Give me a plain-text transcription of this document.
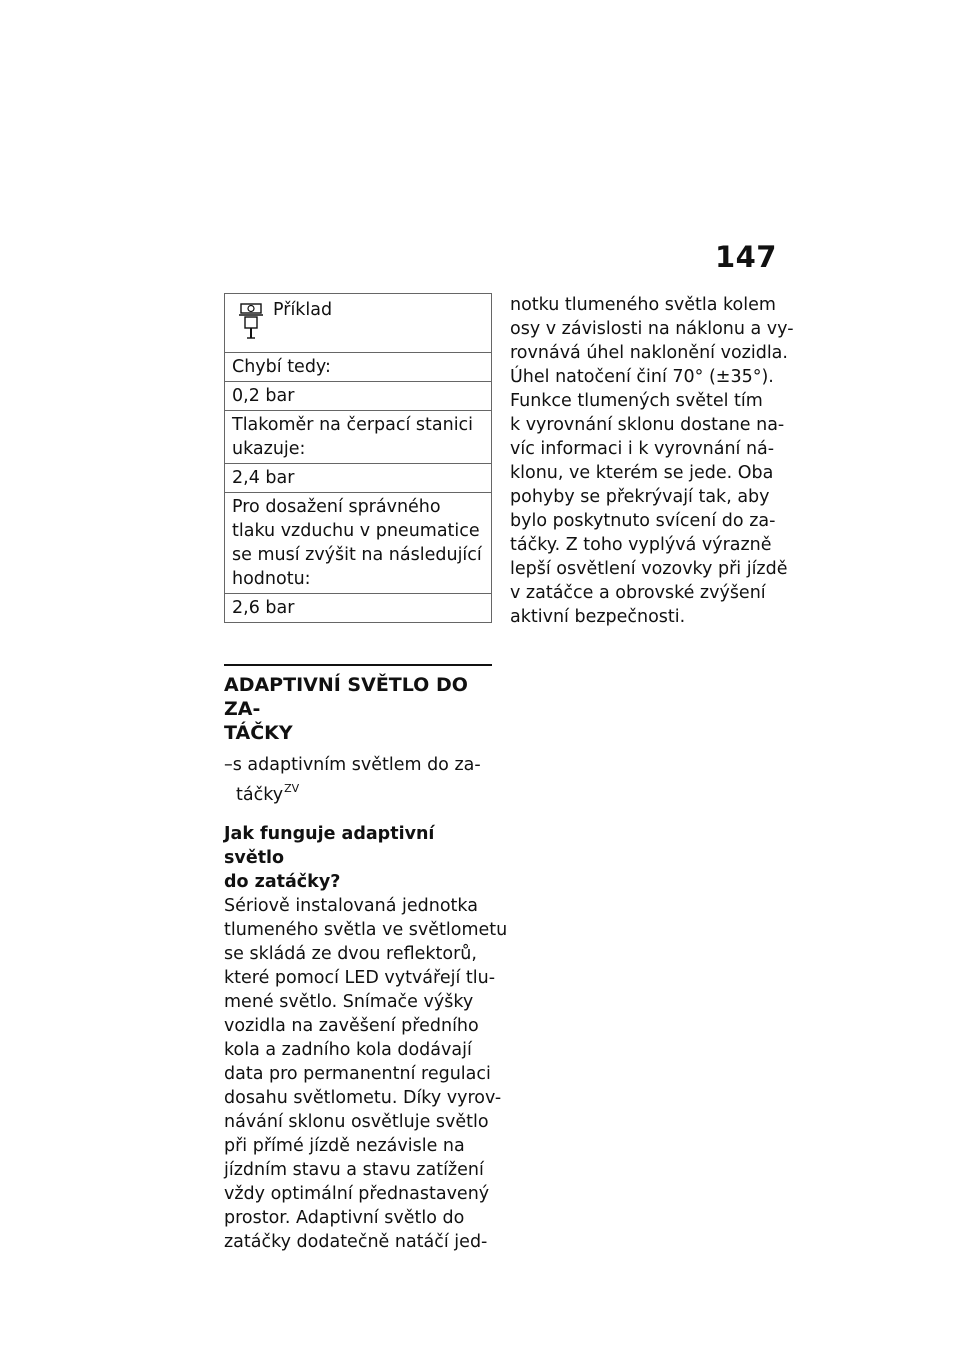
147
Příklad
Chybí tedy:
0,2 bar
Tlakoměr na čerpací stanici ukazuje:
2,4 bar
Pro dosažení správného tlaku vzduchu v pneumatice se musí zvýšit na následující hodnotu:
2,6 bar
ADAPTIVNÍ SVĚTLO DO ZA-
TÁČKY
–s adaptivním světlem do za-
táčky$^{ZV}$
Jak funguje adaptivní světlo
do zatáčky?

Sériově instalovaná jednotka
tlumeného světla ve světlometu
se skládá ze dvou reflektorů,
které pomocí LED vytvářejí tlu-
mené světlo. Snímače výšky
vozidla na zavěšení předního
kola a zadního kola dodávají
data pro permanentní regulaci
dosahu světlometu. Díky vyrov-
návání sklonu osvětluje světlo
při přímé jízdě nezávisle na
jízdním stavu a stavu zatížení
vždy optimální přednastavený
prostor. Adaptivní světlo do
zatáčky dodatečně natáčí jed-

notku tlumeného světla kolem
osy v závislosti na náklonu a vy-
rovnává úhel naklonění vozidla.
Úhel natočení činí 70° (±35°).
Funkce tlumených světel tím
k vyrovnání sklonu dostane na-
víc informaci i k vyrovnání ná-
klonu, ve kterém se jede. Oba
pohyby se překrývají tak, aby
bylo poskytnuto svícení do za-
táčky. Z toho vyplývá výrazně
lepší osvětlení vozovky při jízdě
v zatáčce a obrovské zvýšení
aktivní bezpečnosti.
